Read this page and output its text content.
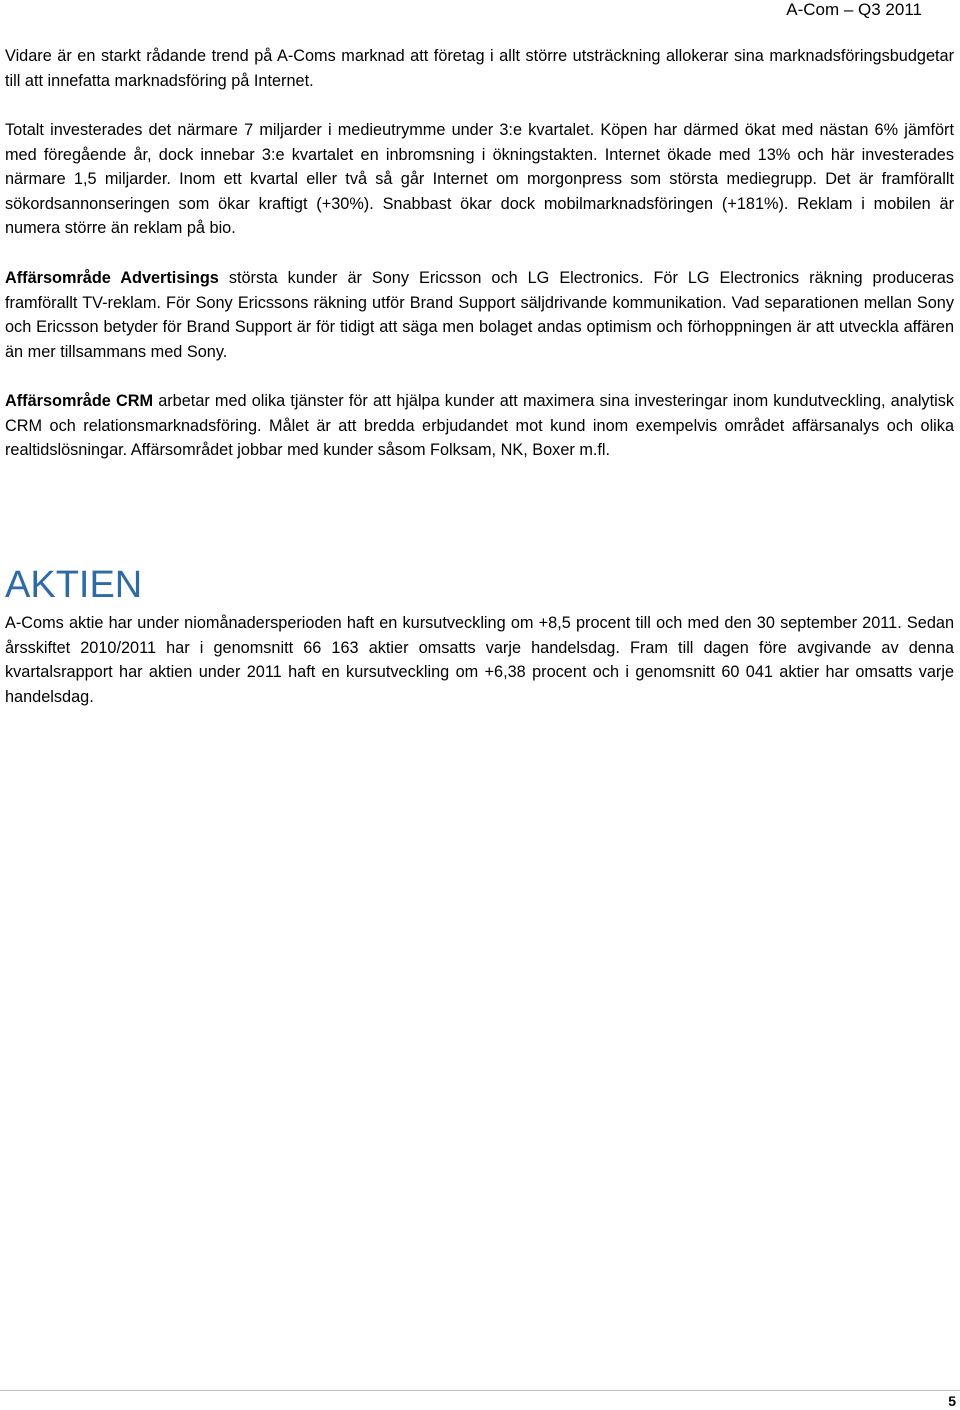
A-Com – Q3 2011

Vidare är en starkt rådande trend på A-Coms marknad att företag i allt större utsträckning allokerar sina marknadsföringsbudgetar till att innefatta marknadsföring på Internet.

Totalt investerades det närmare 7 miljarder i medieutrymme under 3:e kvartalet. Köpen har därmed ökat med nästan 6% jämfört med föregående år, dock innebar 3:e kvartalet en inbromsning i ökningstakten. Internet ökade med 13% och här investerades närmare 1,5 miljarder. Inom ett kvartal eller två så går Internet om morgonpress som största mediegrupp. Det är framförallt sökordsannonseringen som ökar kraftigt (+30%). Snabbast ökar dock mobilmarknadsföringen (+181%). Reklam i mobilen är numera större än reklam på bio.

Affärsområde Advertisings största kunder är Sony Ericsson och LG Electronics. För LG Electronics räkning produceras framförallt TV-reklam. För Sony Ericssons räkning utför Brand Support säljdrivande kommunikation. Vad separationen mellan Sony och Ericsson betyder för Brand Support är för tidigt att säga men bolaget andas optimism och förhoppningen är att utveckla affären än mer tillsammans med Sony.

Affärsområde CRM arbetar med olika tjänster för att hjälpa kunder att maximera sina investeringar inom kundutveckling, analytisk CRM och relationsmarknadsföring. Målet är att bredda erbjudandet mot kund inom exempelvis området affärsanalys och olika realtidslösningar. Affärsområdet jobbar med kunder såsom Folksam, NK, Boxer m.fl.

AKTIEN

A-Coms aktie har under niomånadersperioden haft en kursutveckling om +8,5 procent till och med den 30 september 2011. Sedan årsskiftet 2010/2011 har i genomsnitt 66 163 aktier omsatts varje handelsdag. Fram till dagen före avgivande av denna kvartalsrapport har aktien under 2011 haft en kursutveckling om +6,38 procent och i genomsnitt 60 041 aktier har omsatts varje handelsdag.

5
